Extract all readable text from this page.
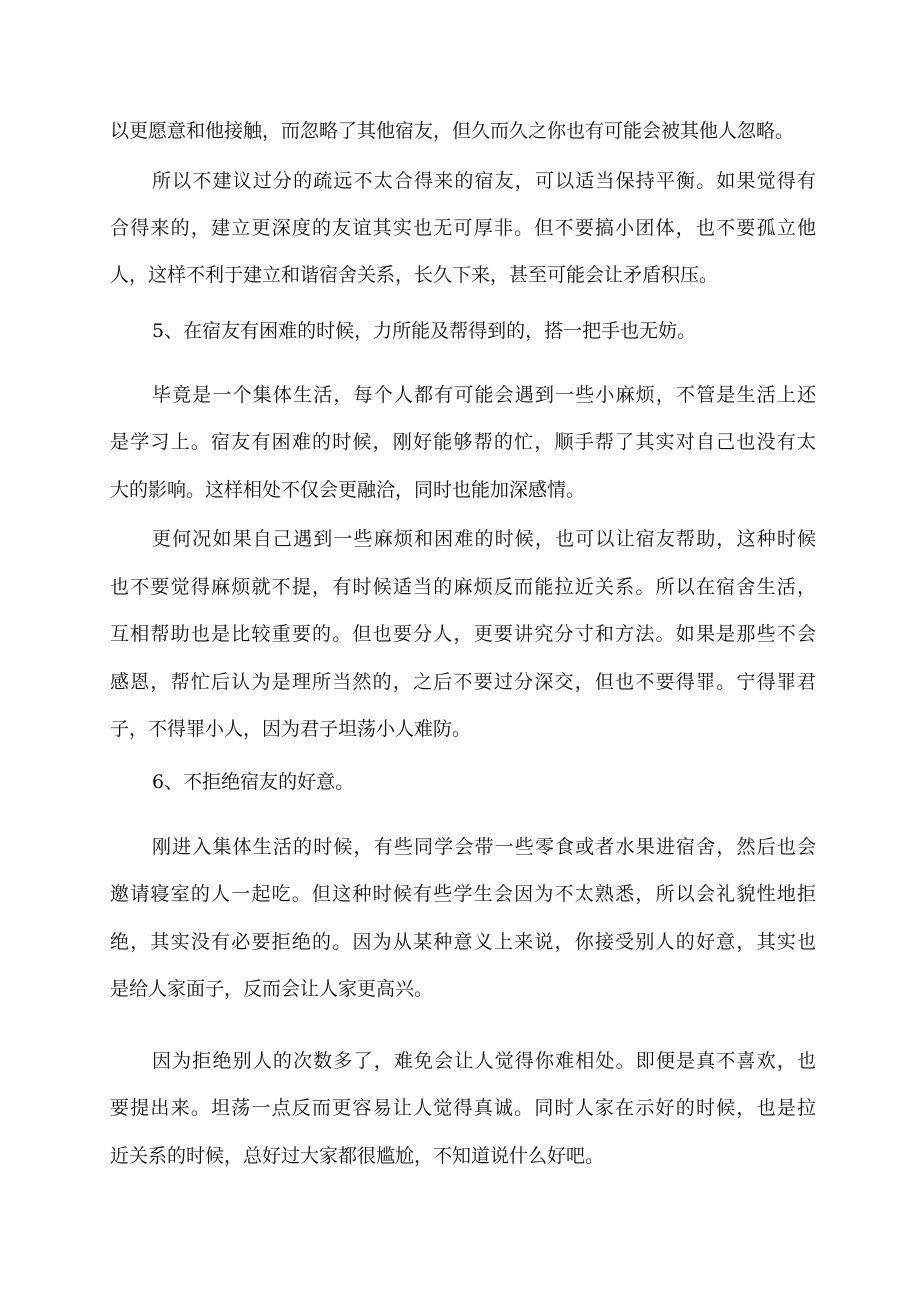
以更愿意和他接触，而忽略了其他宿友，但久而久之你也有可能会被其他人忽略。
所以不建议过分的疏远不太合得来的宿友，可以适当保持平衡。如果觉得有
合得来的，建立更深度的友谊其实也无可厚非。但不要搞小团体，也不要孤立他
人，这样不利于建立和谐宿舍关系，长久下来，甚至可能会让矛盾积压。
5、在宿友有困难的时候，力所能及帮得到的，搭一把手也无妨。
毕竟是一个集体生活，每个人都有可能会遇到一些小麻烦，不管是生活上还
是学习上。宿友有困难的时候，刚好能够帮的忙，顺手帮了其实对自己也没有太
大的影响。这样相处不仅会更融洽，同时也能加深感情。
更何况如果自己遇到一些麻烦和困难的时候，也可以让宿友帮助，这种时候
也不要觉得麻烦就不提，有时候适当的麻烦反而能拉近关系。所以在宿舍生活，
互相帮助也是比较重要的。但也要分人，更要讲究分寸和方法。如果是那些不会
感恩，帮忙后认为是理所当然的，之后不要过分深交，但也不要得罪。宁得罪君
子，不得罪小人，因为君子坦荡小人难防。
6、不拒绝宿友的好意。
刚进入集体生活的时候，有些同学会带一些零食或者水果进宿舍，然后也会
邀请寝室的人一起吃。但这种时候有些学生会因为不太熟悉，所以会礼貌性地拒
绝，其实没有必要拒绝的。因为从某种意义上来说，你接受别人的好意，其实也
是给人家面子，反而会让人家更高兴。
因为拒绝别人的次数多了，难免会让人觉得你难相处。即便是真不喜欢，也
要提出来。坦荡一点反而更容易让人觉得真诚。同时人家在示好的时候，也是拉
近关系的时候，总好过大家都很尴尬，不知道说什么好吧。
